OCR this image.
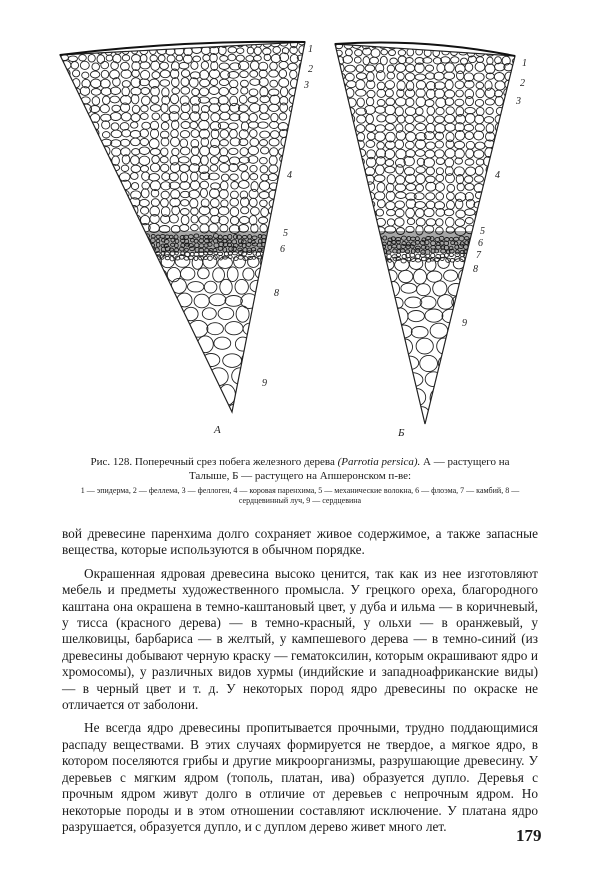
1
2
3
4
5
6
8
9
1
2
3
4
5
6
7
8
9
А	Б

Рис. 128. Поперечный срез побега железного дерева (Parrotia persica). А — растущего на Талыше, Б — растущего на Апшеронском п-ве:

1 — эпидерма, 2 — феллема, 3 — феллоген, 4 — коровая паренхима, 5 — механические волокна, 6 — флоэма, 7 — камбий, 8 — сердцевинный луч, 9 — сердцевина

вой древесине паренхима долго сохраняет живое содержимое, а также запасные вещества, которые используются в обычном порядке.

Окрашенная ядровая древесина высоко ценится, так как из нее изготовляют мебель и предметы художественного промысла. У грецкого ореха, благородного каштана она окрашена в темно-каштановый цвет, у дуба и ильма — в коричневый, у тисса (красного дерева) — в темно-красный, у ольхи — в оранжевый, у шелковицы, барбариса — в желтый, у кампешевого дерева — в темно-синий (из древесины добывают черную краску — гематоксилин, которым окрашивают ядро и хромосомы), у различных видов хурмы (индийские и западноафриканские виды) — в черный цвет и т. д. У некоторых пород ядро древесины по окраске не отличается от заболони.

Не всегда ядро древесины пропитывается прочными, трудно поддающимися распаду веществами. В этих случаях формируется не твердое, а мягкое ядро, в котором поселяются грибы и другие микроорганизмы, разрушающие древесину. У деревьев с мягким ядром (тополь, платан, ива) образуется дупло. Деревья с прочным ядром живут долго в отличие от деревьев с непрочным ядром. Но некоторые породы и в этом отношении составляют исключение. У платана ядро разрушается, образуется дупло, и с дуплом дерево живет много лет.	179
